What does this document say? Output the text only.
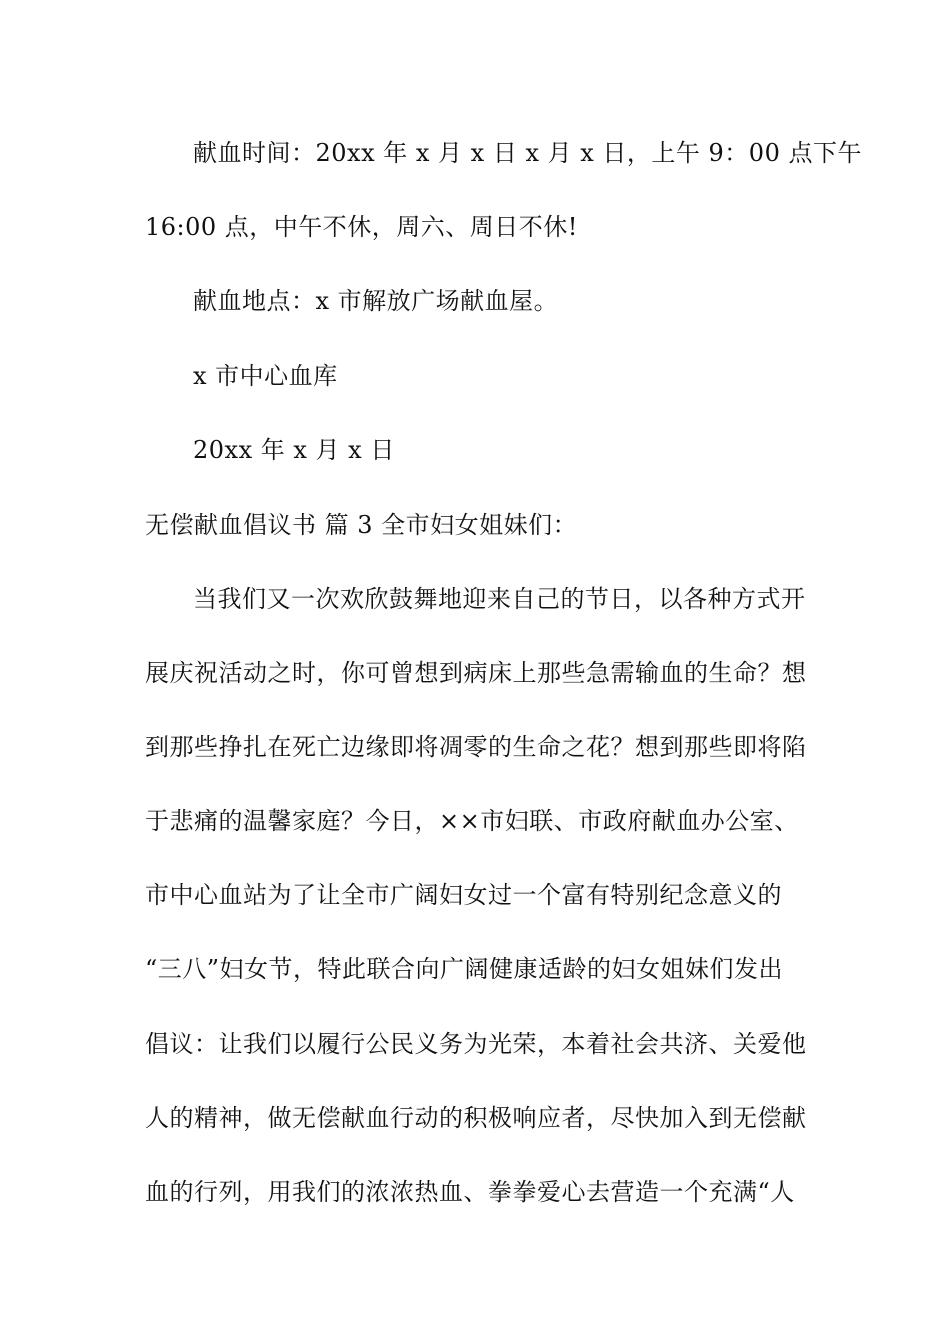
献血时间：20xx 年 x 月 x 日 x 月 x 日，上午 9：00 点下午
16:00 点，中午不休，周六、周日不休!
献血地点：x 市解放广场献血屋。
x 市中心血库
20xx 年 x 月 x 日
无偿献血倡议书 篇 3 全市妇女姐妹们：
当我们又一次欢欣鼓舞地迎来自己的节日，以各种方式开
展庆祝活动之时，你可曾想到病床上那些急需输血的生命？想
到那些挣扎在死亡边缘即将凋零的生命之花？想到那些即将陷
于悲痛的温馨家庭？今日，××市妇联、市政府献血办公室、
市中心血站为了让全市广阔妇女过一个富有特别纪念意义的
“三八”妇女节，特此联合向广阔健康适龄的妇女姐妹们发出
倡议：让我们以履行公民义务为光荣，本着社会共济、关爱他
人的精神，做无偿献血行动的积极响应者，尽快加入到无偿献
血的行列，用我们的浓浓热血、拳拳爱心去营造一个充满“人
